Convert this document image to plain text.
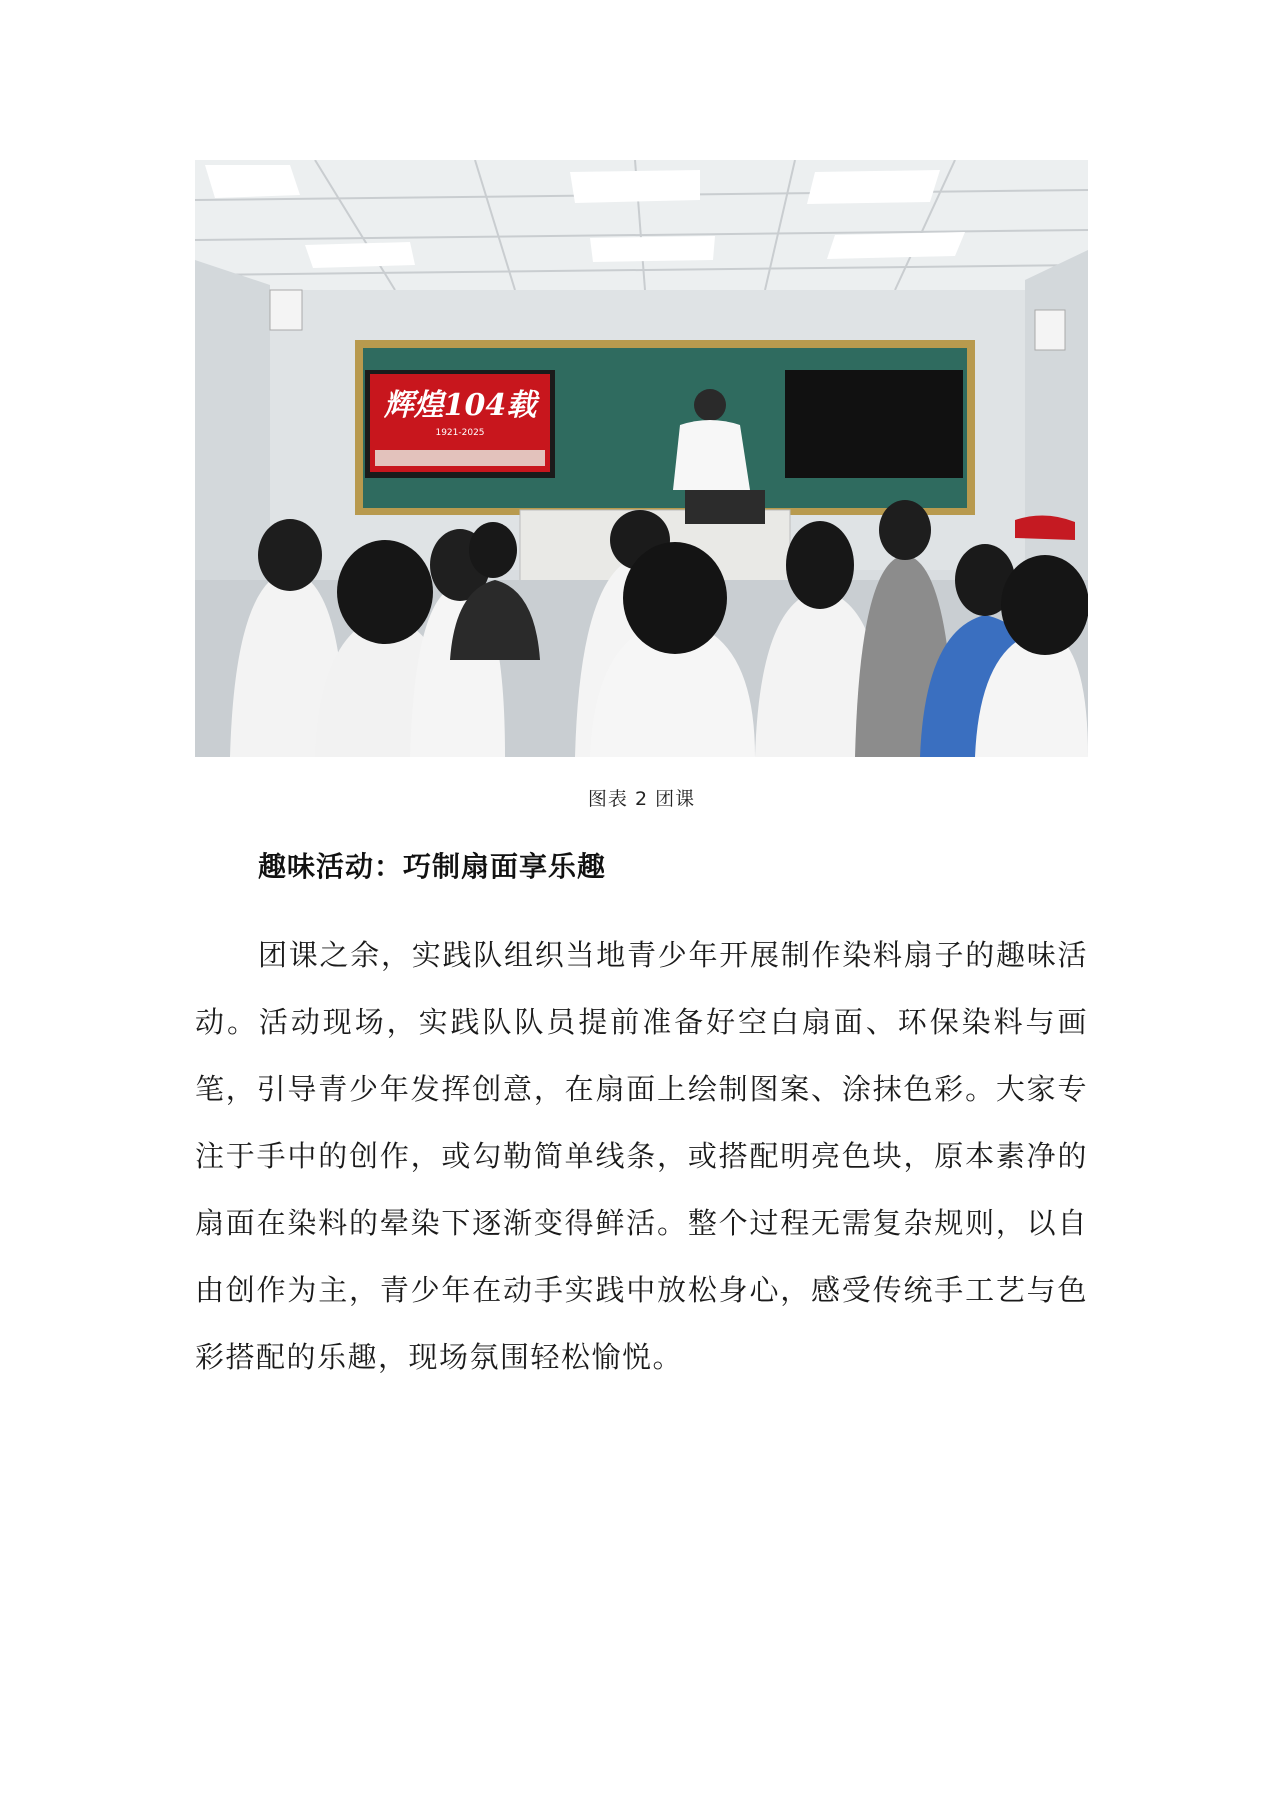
辉煌104载
1921-2025
图表 2 团课
趣味活动：巧制扇面享乐趣

团课之余，实践队组织当地青少年开展制作染料扇子的趣味活动。活动现场，实践队队员提前准备好空白扇面、环保染料与画笔，引导青少年发挥创意，在扇面上绘制图案、涂抹色彩。大家专注于手中的创作，或勾勒简单线条，或搭配明亮色块，原本素净的扇面在染料的晕染下逐渐变得鲜活。整个过程无需复杂规则，以自由创作为主，青少年在动手实践中放松身心，感受传统手工艺与色彩搭配的乐趣，现场氛围轻松愉悦。
